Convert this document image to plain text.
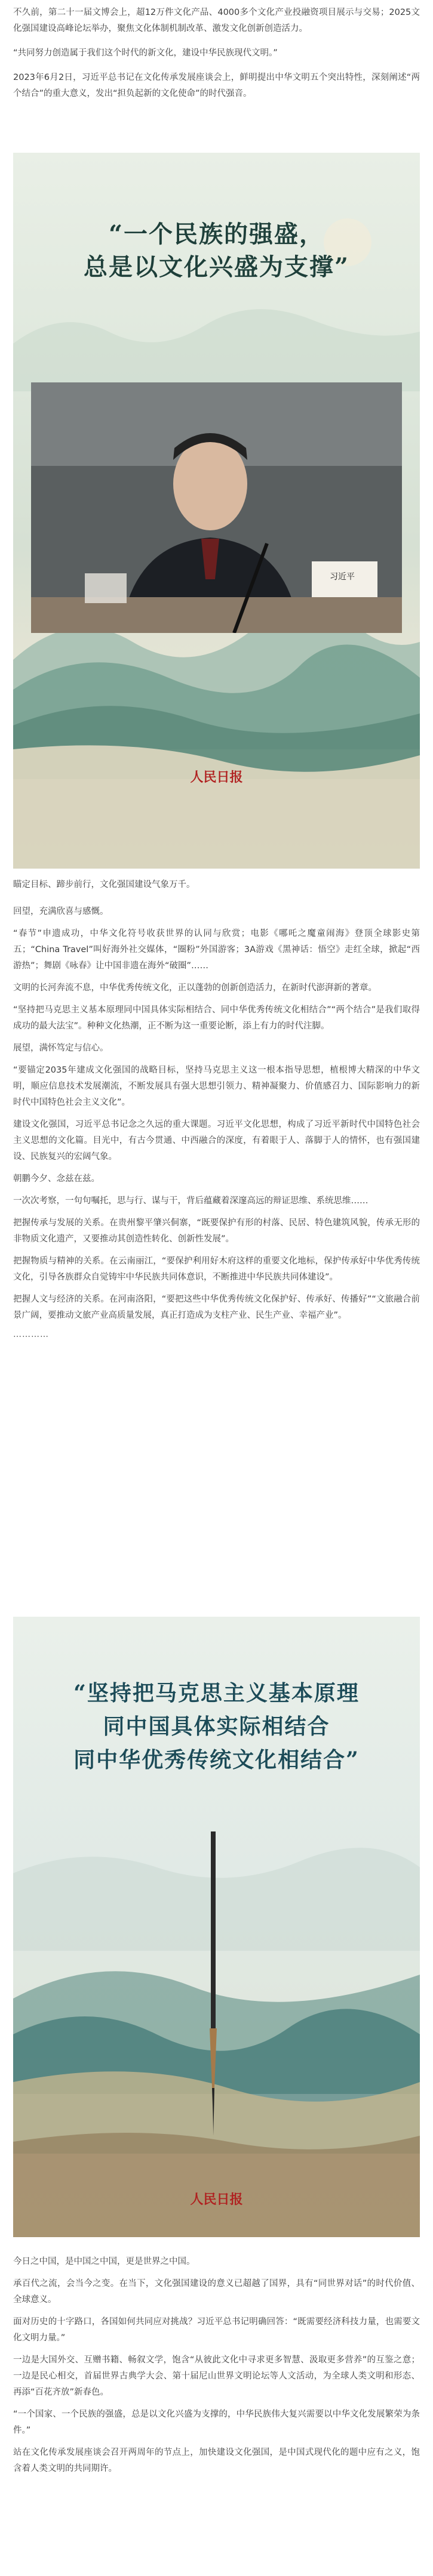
不久前，第二十一届文博会上，超12万件文化产品、4000多个文化产业投融资项目展示与交易；2025文化强国建设高峰论坛举办，聚焦文化体制机制改革、激发文化创新创造活力。

“共同努力创造属于我们这个时代的新文化，建设中华民族现代文明。”

2023年6月2日，习近平总书记在文化传承发展座谈会上，鲜明提出中华文明五个突出特性，深刻阐述“两个结合”的重大意义，发出“担负起新的文化使命”的时代强音。

“一个民族的强盛，
总是以文化兴盛为支撑”
习近平
人民日报

瞄定目标、蹄步前行，文化强国建设气象万千。

回望，充满欣喜与感慨。

“春节”申遗成功，中华文化符号收获世界的认同与欣赏；电影《哪吒之魔童闹海》登顶全球影史第五；“China Travel”叫好海外社交媒体，“圈粉”外国游客；3A游戏《黑神话：悟空》走红全球，掀起“西游热”；舞剧《咏春》让中国非遗在海外“破圈”……

文明的长河奔流不息，中华优秀传统文化，正以蓬勃的创新创造活力，在新时代澎湃新的著章。

“坚持把马克思主义基本原理同中国具体实际相结合、同中华优秀传统文化相结合”“两个结合”是我们取得成功的最大法宝”。种种文化热潮，正不断为这一重要论断，添上有力的时代注脚。

展望，满怀笃定与信心。

“要锚定2035年建成文化强国的战略目标，坚持马克思主义这一根本指导思想，植根博大精深的中华文明，顺应信息技术发展潮流，不断发展具有强大思想引领力、精神凝聚力、价值感召力、国际影响力的新时代中国特色社会主义文化”。

建设文化强国，习近平总书记念之久远的重大课题。习近平文化思想，构成了习近平新时代中国特色社会主义思想的文化篇。目光中，有古今贯通、中西融合的深度，有着眼于人、落脚于人的情怀，也有强国建设、民族复兴的宏阔气象。

朝鹏今夕、念兹在兹。

一次次考察，一句句嘱托，思与行、谋与干，背后蕴藏着深邃高远的辩证思维、系统思维……

把握传承与发展的关系。在贵州黎平肇兴侗寨，“既要保护有形的村落、民居、特色建筑风貌，传承无形的非物质文化遗产，又要推动其创造性转化、创新性发展”。

把握物质与精神的关系。在云南丽江，“要保护利用好木府这样的重要文化地标，保护传承好中华优秀传统文化，引导各族群众自觉铸牢中华民族共同体意识，不断推进中华民族共同体建设”。

把握人文与经济的关系。在河南洛阳，“要把这些中华优秀传统文化保护好、传承好、传播好”“文旅融合前景广阔，要推动文旅产业高质量发展，真正打造成为支柱产业、民生产业、幸福产业”。

…………
“坚持把马克思主义基本原理
同中国具体实际相结合
同中华优秀传统文化相结合”
人民日报

今日之中国，是中国之中国，更是世界之中国。

承百代之流，会当今之变。在当下，文化强国建设的意义已超越了国界，具有“同世界对话”的时代价值、全球意义。

面对历史的十字路口，各国如何共同应对挑战？习近平总书记明确回答：“既需要经济科技力量，也需要文化文明力量。”

一边是大国外交、互赠书籍、畅叙文学，饱含“从彼此文化中寻求更多智慧、汲取更多营养”的互鉴之意；一边是民心相交，首届世界古典学大会、第十届尼山世界文明论坛等人文活动，为全球人类文明和形态、再添“百花齐放”新春色。

“一个国家、一个民族的强盛，总是以文化兴盛为支撑的，中华民族伟大复兴需要以中华文化发展繁荣为条件。”

站在文化传承发展座谈会召开两周年的节点上，加快建设文化强国，是中国式现代化的题中应有之义，饱含着人类文明的共同期许。
